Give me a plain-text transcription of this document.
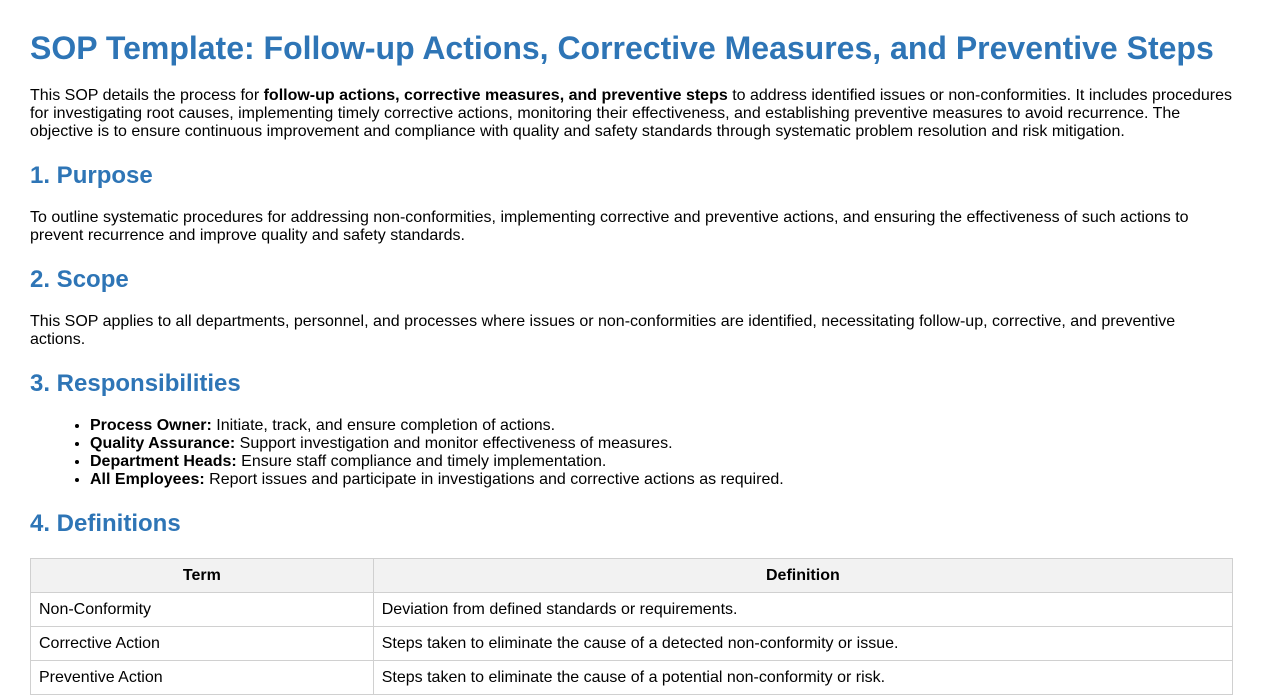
SOP Template: Follow-up Actions, Corrective Measures, and Preventive Steps

This SOP details the process for follow-up actions, corrective measures, and preventive steps to address identified issues or non-conformities. It includes procedures for investigating root causes, implementing timely corrective actions, monitoring their effectiveness, and establishing preventive measures to avoid recurrence. The objective is to ensure continuous improvement and compliance with quality and safety standards through systematic problem resolution and risk mitigation.

1. Purpose

To outline systematic procedures for addressing non-conformities, implementing corrective and preventive actions, and ensuring the effectiveness of such actions to prevent recurrence and improve quality and safety standards.

2. Scope

This SOP applies to all departments, personnel, and processes where issues or non-conformities are identified, necessitating follow-up, corrective, and preventive actions.

3. Responsibilities
• Process Owner: Initiate, track, and ensure completion of actions.
• Quality Assurance: Support investigation and monitor effectiveness of measures.
• Department Heads: Ensure staff compliance and timely implementation.
• All Employees: Report issues and participate in investigations and corrective actions as required.
4. Definitions
Term	Definition
Non-Conformity	Deviation from defined standards or requirements.
Corrective Action	Steps taken to eliminate the cause of a detected non-conformity or issue.
Preventive Action	Steps taken to eliminate the cause of a potential non-conformity or risk.
